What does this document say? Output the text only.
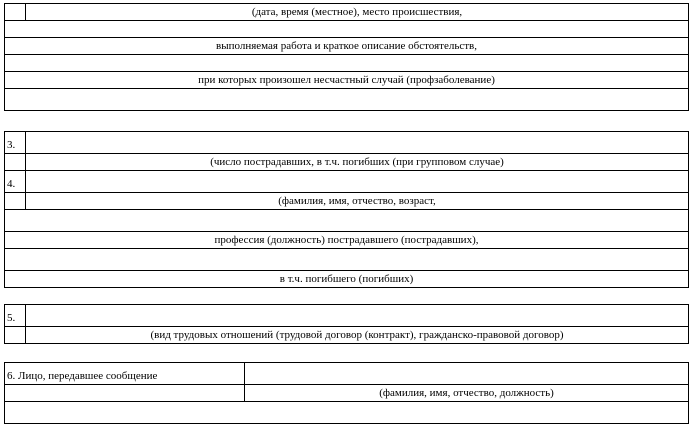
	(дата, время (местное), место происшествия,

выполняемая работа и краткое описание обстоятельств,

при которых произошел несчастный случай (профзаболевание)

3.	
	(число пострадавших, в т.ч. погибших (при групповом случае)
4.	
	(фамилия, имя, отчество, возраст,

профессия (должность) пострадавшего (пострадавших),	

в т.ч. погибшего (погибших)	
5.	
	(вид трудовых отношений (трудовой договор (контракт), гражданско-правовой договор)
6. Лицо, передавшее сообщение	
	(фамилия, имя, отчество, должность)
